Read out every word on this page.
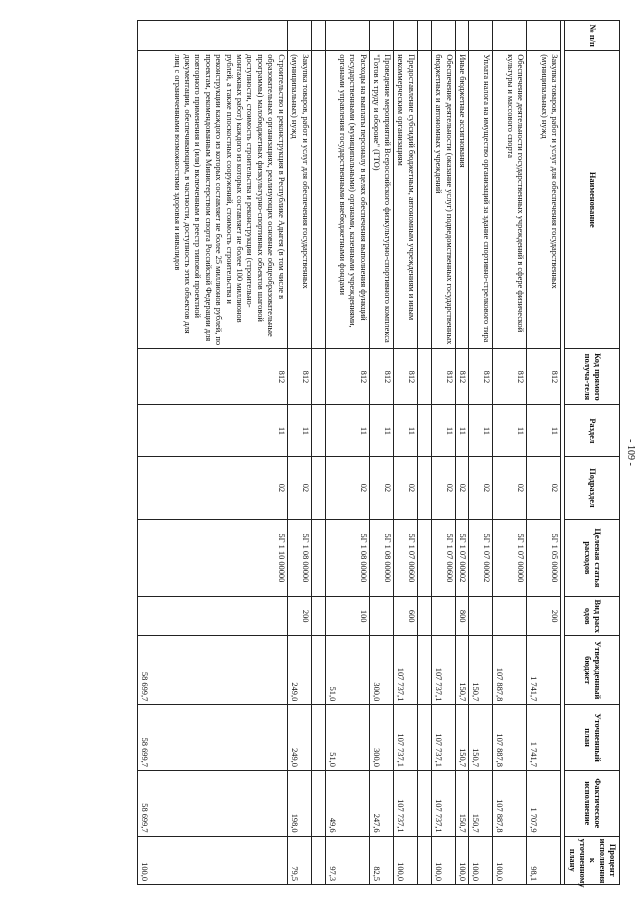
- 109 -
№ п/п	Наименование	Код прямого получа-теля	Раздел	Подраздел	Целевая статья расходов	Вид расх одов	Утвержденный бюджет	Уточненный план	Фактическое исполнение	Процент исполнения к уточненному плану

	Закупка товаров, работ и услуг для обеспечения государственных (муниципальных) нужд	812	11	02	5Г 1 05 00000	200	1 741,7	1 741,7	1 707,9	98,1
	Обеспечение деятельности государственных учреждений в сфере физической культуры и массового спорта	812	11	02	5Г 1 07 00000		107 887,8	107 887,8	107 887,8	100,0
	Уплата налога на имущество организаций за здание спортивно-стрелкового тира	812	11	02	5Г 1 07 00002		150,7	150,7	150,7	100,0
	Иные бюджетные ассигнования	812	11	02	5Г 1 07 00002	800	150,7	150,7	150,7	100,0
	Обеспечение деятельности (оказание услуг) подведомственных государственных бюджетных и автономных учреждений	812	11	02	5Г 1 07 00600		107 737,1	107 737,1	107 737,1	100,0

	Предоставление субсидий бюджетным, автономным учреждениям и иным некоммерческим организациям	812	11	02	5Г 1 07 00600	600	107 737,1	107 737,1	107 737,1	100,0
	Проведение мероприятий Всероссийского физкультурно-спортивного комплекса "Готов к труду и обороне" (ГТО)	812	11	02	5Г 1 08 00000		300,0	300,0	247,6	82,5
	Расходы на выплаты персоналу в целях обеспечения выполнения функций государственными (муниципальными) органами, казенными учреждениями, органами управления государственными внебюджетными фондами	812	11	02	5Г 1 08 00000	100	51,0	51,0	49,6	97,3

	Закупка товаров, работ и услуг для обеспечения государственных (муниципальных) нужд	812	11	02	5Г 1 08 00000	200	249,0	249,0	198,0	79,5
	Строительство и реконструкция в Республике Адыгея (в том числе в образовательных организациях, реализующих основные общеобразовательные программы) малобюджетных физкультурно-спортивных объектов шаговой доступности, стоимость строительства и реконструкции (строительно-монтажных работ) каждого из которых составляет не более 100 миллионов рублей, а также плоскостных сооружений, стоимость строительства и реконструкции каждого из которых составляет не более 25 миллионов рублей, по проектам, рекомендованным Министерством спорта Российской Федерации для повторного применения и (или) включенным в реестр типовой проектной документации, обеспечивающим, в частности, доступность этих объектов для лиц с ограниченными возможностями здоровья и инвалидов	812	11	02	5Г 1 10 00000		58 699,7	58 699,7	58 699,7	100,0
